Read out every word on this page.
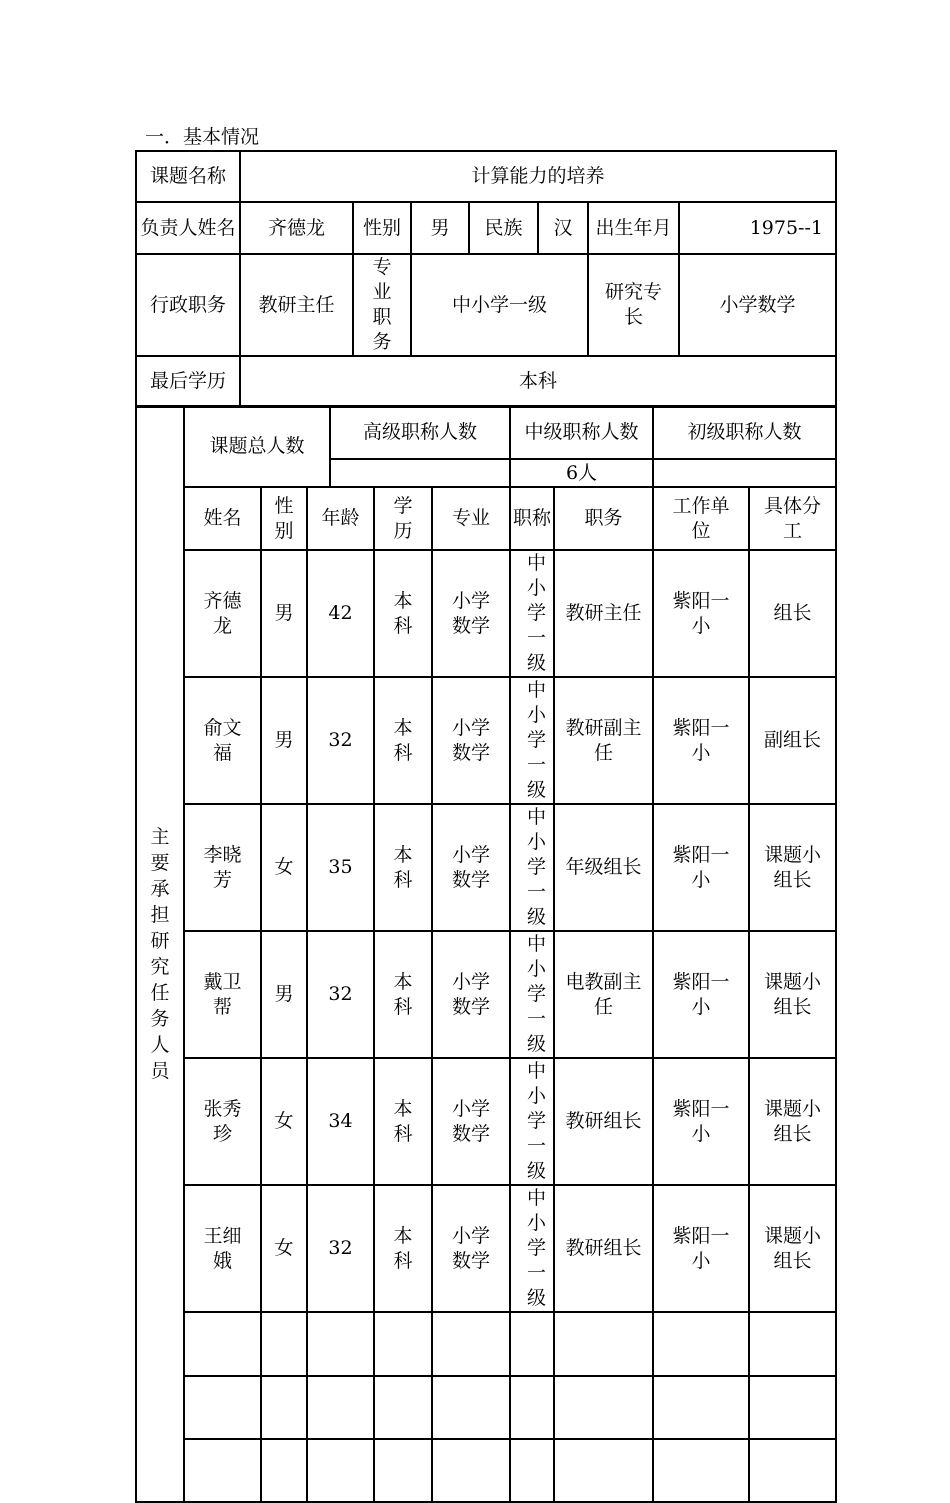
一．基本情况
课题名称	计算能力的培养						
负责人姓名	齐德龙	性别	男	民族	汉	出生年月	1975--1
行政职务	教研主任	专业职务	中小学一级			研究专长	小学数学
最后学历	本科						
主要承担研究任务人员	课题总人数			高级职称人数			中级职称人数		初级职称人数	
							6人			
	姓名	性别	年龄		学历	专业	职称	职务	工作单位	具体分工
	齐德龙	男	42		本科	小学数学	中小学一级	教研主任	紫阳一小	组长
	俞文福	男	32		本科	小学数学	中小学一级	教研副主任	紫阳一小	副组长
	李晓芳	女	35		本科	小学数学	中小学一级	年级组长	紫阳一小	课题小组长
	戴卫帮	男	32		本科	小学数学	中小学一级	电教副主任	紫阳一小	课题小组长
	张秀珍	女	34		本科	小学数学	中小学一级	教研组长	紫阳一小	课题小组长
	王细娥	女	32		本科	小学数学	中小学一级	教研组长	紫阳一小	课题小组长
